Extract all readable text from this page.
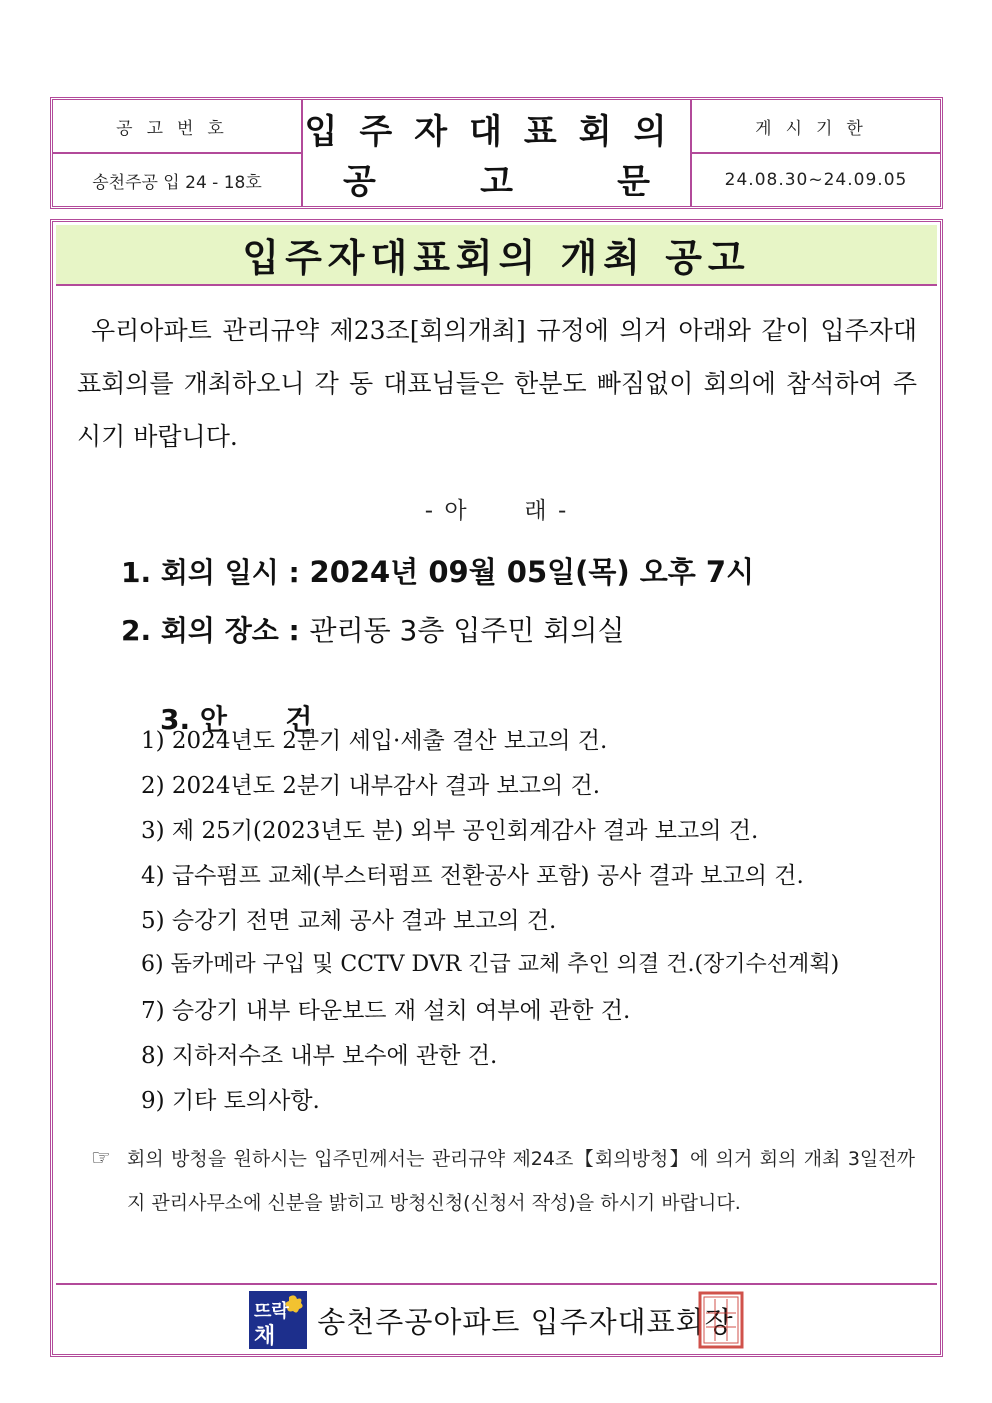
공고번호
송천주공 입 24 - 18호
입주자대표회의
공	고	문
게시기한
24.08.30~24.09.05
입주자대표회의 개최 공고

우리아파트 관리규약 제23조[회의개최] 규정에 의거 아래와 같이 입주자대표회의를 개최하오니 각 동 대표님들은 한분도 빠짐없이 회의에 참석하여 주시기 바랍니다.

- 아      래 -
1. 회의 일시 : 2024년 09월 05일(목) 오후 7시
2. 회의 장소 : 관리동 3층 입주민 회의실

3. 안      건

1) 2024년도 2분기 세입·세출 결산 보고의 건.
2) 2024년도 2분기 내부감사 결과 보고의 건.
3) 제 25기(2023년도 분) 외부 공인회계감사 결과 보고의 건.
4) 급수펌프 교체(부스터펌프 전환공사 포함) 공사 결과 보고의 건.
5) 승강기 전면 교체 공사 결과 보고의 건.
6) 돔카메라 구입 및 CCTV DVR 긴급 교체 추인 의결 건.(장기수선계획)
7) 승강기 내부 타운보드 재 설치 여부에 관한 건.
8) 지하저수조 내부 보수에 관한 건.
9) 기타 토의사항.
☞ 회의 방청을 원하시는 입주민께서는 관리규약 제24조【회의방청】에 의거 회의 개최 3일전까지 관리사무소에 신분을 밝히고 방청신청(신청서 작성)을 하시기 바랍니다.
뜨락
채 송천주공아파트 입주자대표회장
